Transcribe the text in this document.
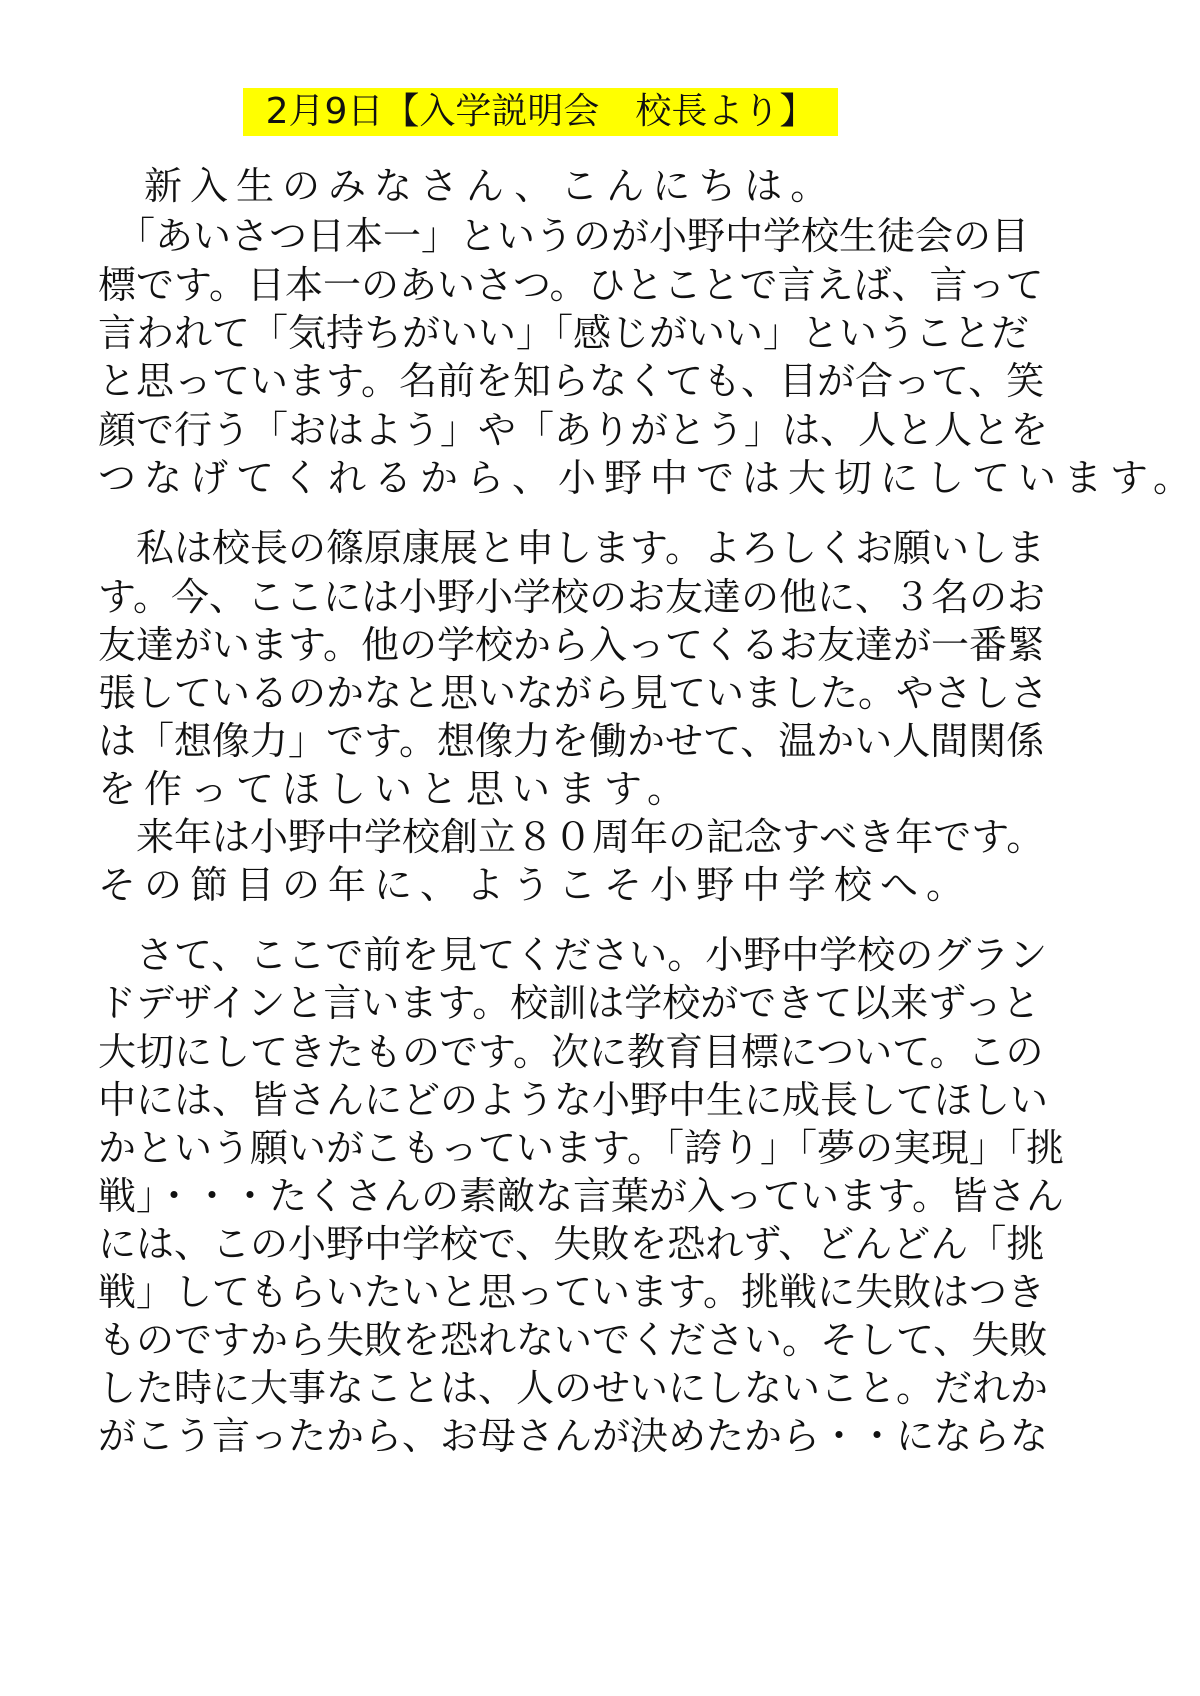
2月9日【入学説明会　校長より】
　新入生のみなさん、こんにちは。
　「あいさつ日本一」というのが小野中学校生徒会の目
標です。日本一のあいさつ。ひとことで言えば、言って
言われて「気持ちがいい」「感じがいい」ということだ
と思っています。名前を知らなくても、目が合って、笑
顔で行う「おはよう」や「ありがとう」は、人と人とを
つなげてくれるから、小野中では大切にしています。
　私は校長の篠原康展と申します。よろしくお願いしま
す。今、ここには小野小学校のお友達の他に、３名のお
友達がいます。他の学校から入ってくるお友達が一番緊
張しているのかなと思いながら見ていました。やさしさ
は「想像力」です。想像力を働かせて、温かい人間関係
を作ってほしいと思います。
　来年は小野中学校創立８０周年の記念すべき年です。
その節目の年に、ようこそ小野中学校へ。
　さて、ここで前を見てください。小野中学校のグラン
ドデザインと言います。校訓は学校ができて以来ずっと
大切にしてきたものです。次に教育目標について。この
中には、皆さんにどのような小野中生に成長してほしい
かという願いがこもっています。「誇り」「夢の実現」「挑
戦」・・・たくさんの素敵な言葉が入っています。皆さん
には、この小野中学校で、失敗を恐れず、どんどん「挑
戦」してもらいたいと思っています。挑戦に失敗はつき
ものですから失敗を恐れないでください。そして、失敗
した時に大事なことは、人のせいにしないこと。だれか
がこう言ったから、お母さんが決めたから・・にならな
